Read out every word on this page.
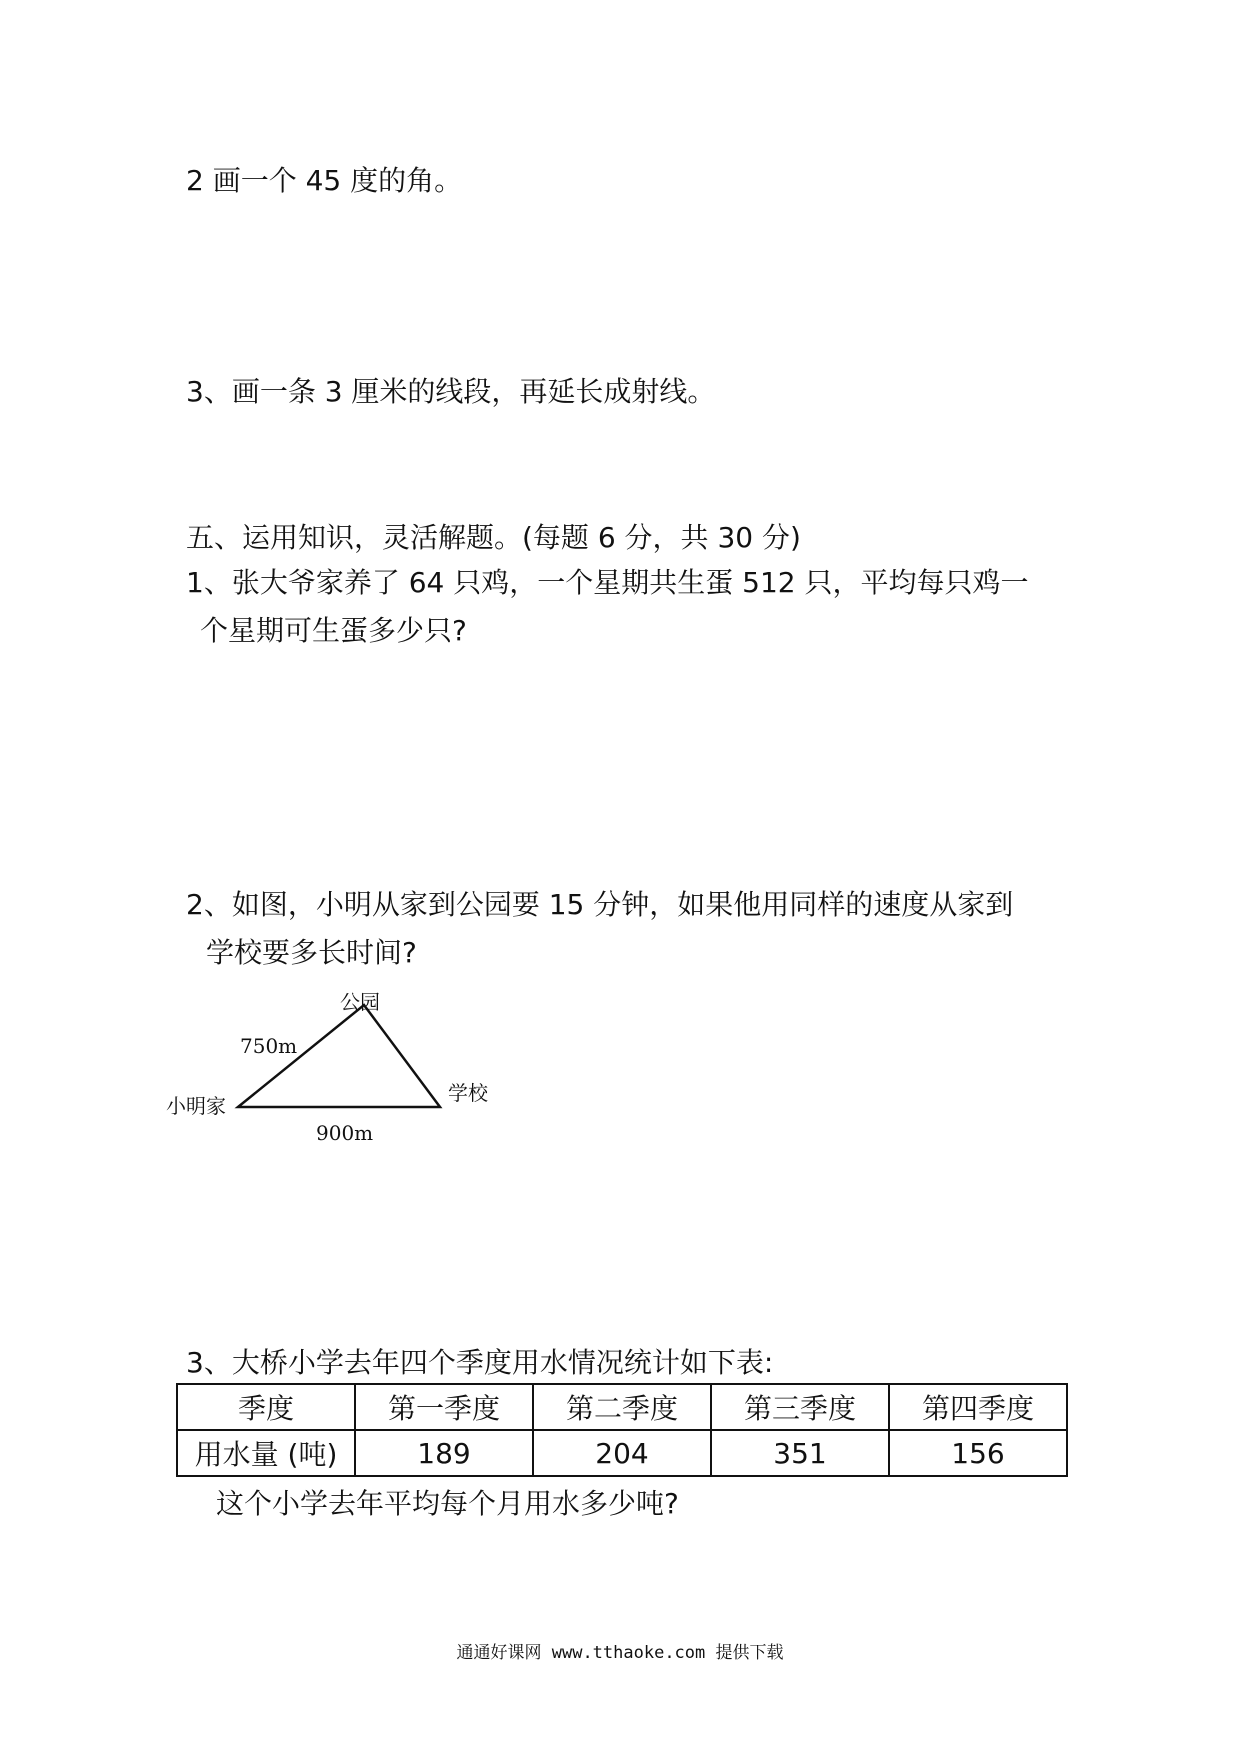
2 画一个 45 度的角。
3、画一条 3 厘米的线段，再延长成射线。
五、运用知识，灵活解题。(每题 6 分，共 30 分)
1、张大爷家养了 64 只鸡，一个星期共生蛋 512 只，平均每只鸡一
个星期可生蛋多少只?
2、如图，小明从家到公园要 15 分钟，如果他用同样的速度从家到
学校要多长时间?
公园
750m
小明家
学校
900m
3、大桥小学去年四个季度用水情况统计如下表:
季度	第一季度	第二季度	第三季度	第四季度
用水量 (吨)	189	204	351	156
这个小学去年平均每个月用水多少吨?
通通好课网 www.tthaoke.com 提供下载
